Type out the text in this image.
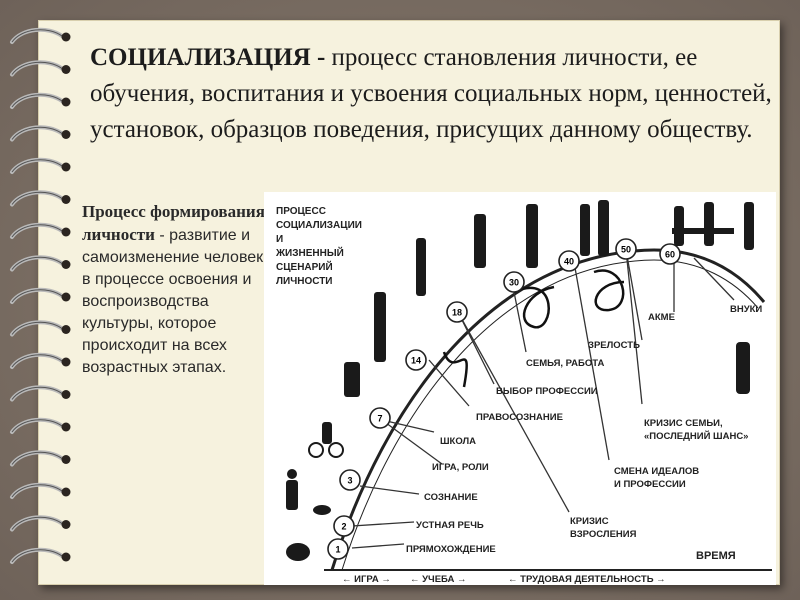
СОЦИАЛИЗАЦИЯ - процесс становления личности, ее обучения, воспитания и усвоения социальных норм, ценностей, установок, образцов поведения, присущих данному обществу.
Процесс формирования личности - развитие и самоизменение человека в процессе освоения и воспроизводства культуры, которое происходит на всех возрастных этапах.
ПРОЦЕСС
СОЦИАЛИЗАЦИИ
И
ЖИЗНЕННЫЙ
СЦЕНАРИЙ
ЛИЧНОСТИ
1
2
3
7
14
18
30
40
50	60
ПРЯМОХОЖДЕНИЕ
УСТНАЯ РЕЧЬ
СОЗНАНИЕ
ИГРА, РОЛИ
ШКОЛА
ПРАВОСОЗНАНИЕ
ВЫБОР ПРОФЕССИИ
СЕМЬЯ, РАБОТА
ЗРЕЛОСТЬ
АКМЕ
ВНУКИ
КРИЗИС
ВЗРОСЛЕНИЯ
СМЕНА ИДЕАЛОВ
И ПРОФЕССИИ
КРИЗИС СЕМЬИ,
«ПОСЛЕДНИЙ ШАНС»
ВРЕМЯ
← ИГРА → ← УЧЕБА →	← ТРУДОВАЯ ДЕЯТЕЛЬНОСТЬ →
